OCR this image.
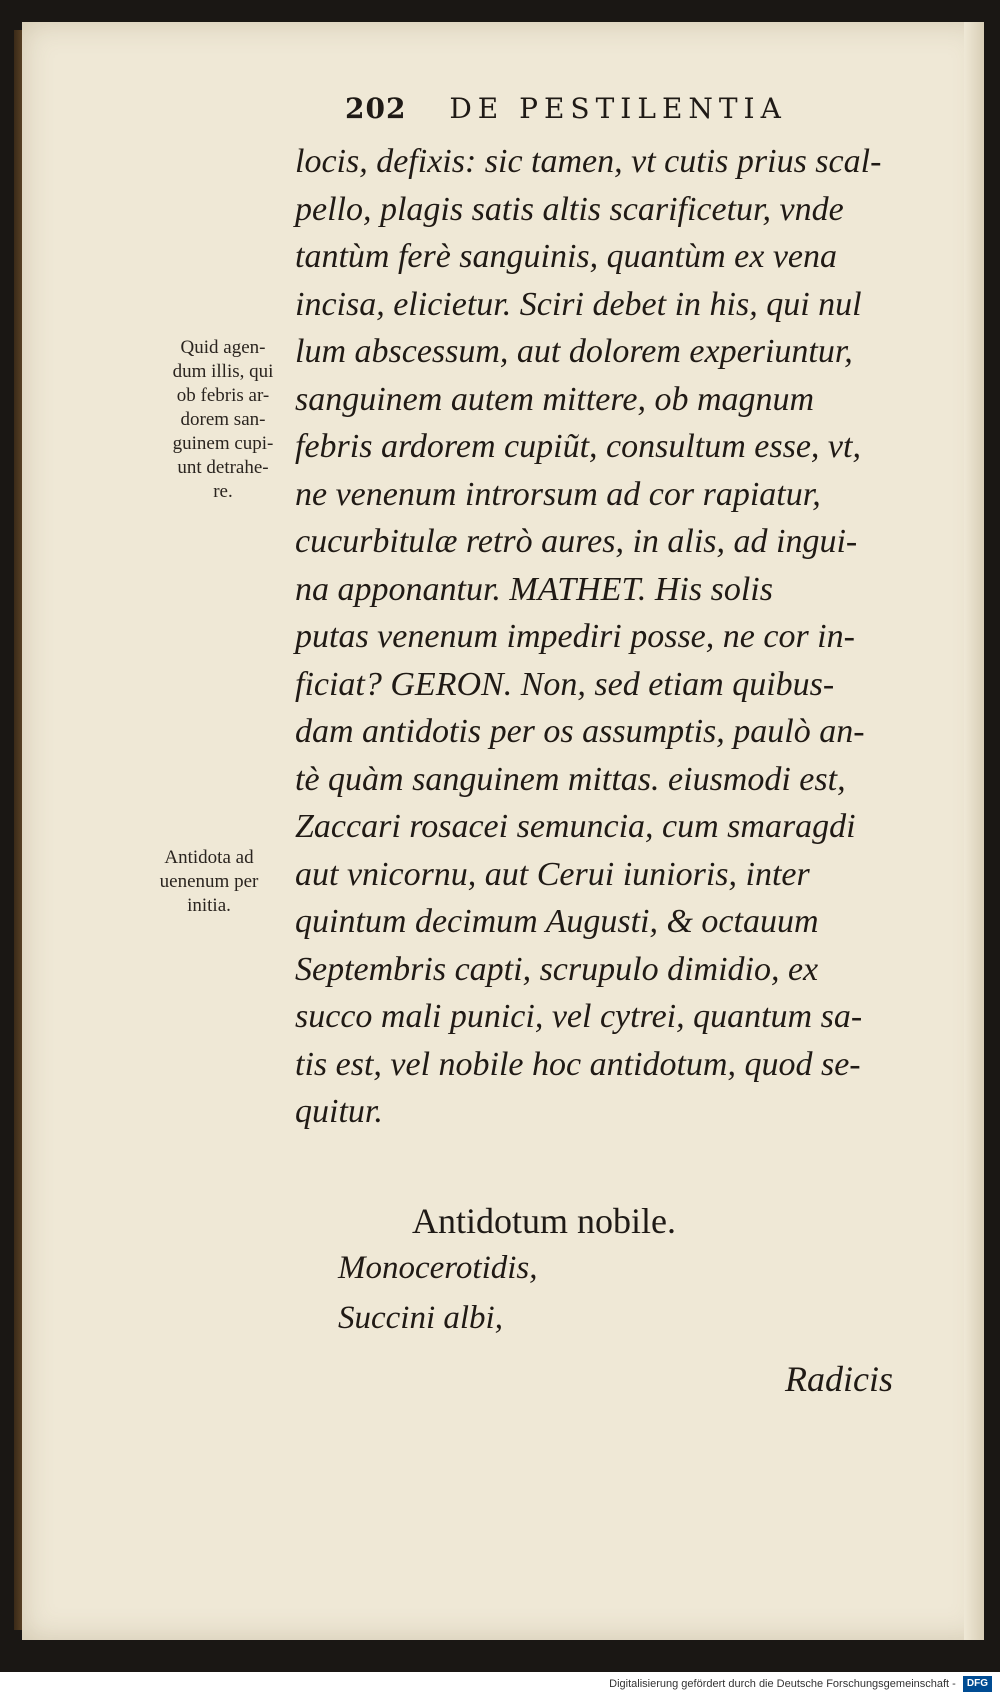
202 DE PESTILENTIA
locis, defixis: sic tamen, vt cutis prius scal-
pello, plagis satis altis scarificetur, vnde
tantùm ferè sanguinis, quantùm ex vena
incisa, elicietur. Sciri debet in his, qui nul
lum abscessum, aut dolorem experiuntur,
sanguinem autem mittere, ob magnum
febris ardorem cupiũt, consultum esse, vt,
ne venenum introrsum ad cor rapiatur,
cucurbitulæ retrò aures, in alis, ad ingui-
na apponantur. MATHET. His solis
putas venenum impediri posse, ne cor in-
ficiat? GERON. Non, sed etiam quibus-
dam antidotis per os assumptis, paulò an-
tè quàm sanguinem mittas. eiusmodi est,
Zaccari rosacei semuncia, cum smaragdi
aut vnicornu, aut Cerui iunioris, inter
quintum decimum Augusti, & octauum
Septembris capti, scrupulo dimidio, ex
succo mali punici, vel cytrei, quantum sa-
tis est, vel nobile hoc antidotum, quod se-
quitur.
Quid agen-
dum illis, qui
ob febris ar-
dorem san-
guinem cupi-
unt detrahe-
re.
Antidota ad
uenenum per
initia.
Antidotum nobile.
Monocerotidis,
Succini albi,
Radicis
Digitalisierung gefördert durch die Deutsche Forschungsgemeinschaft - DFG
